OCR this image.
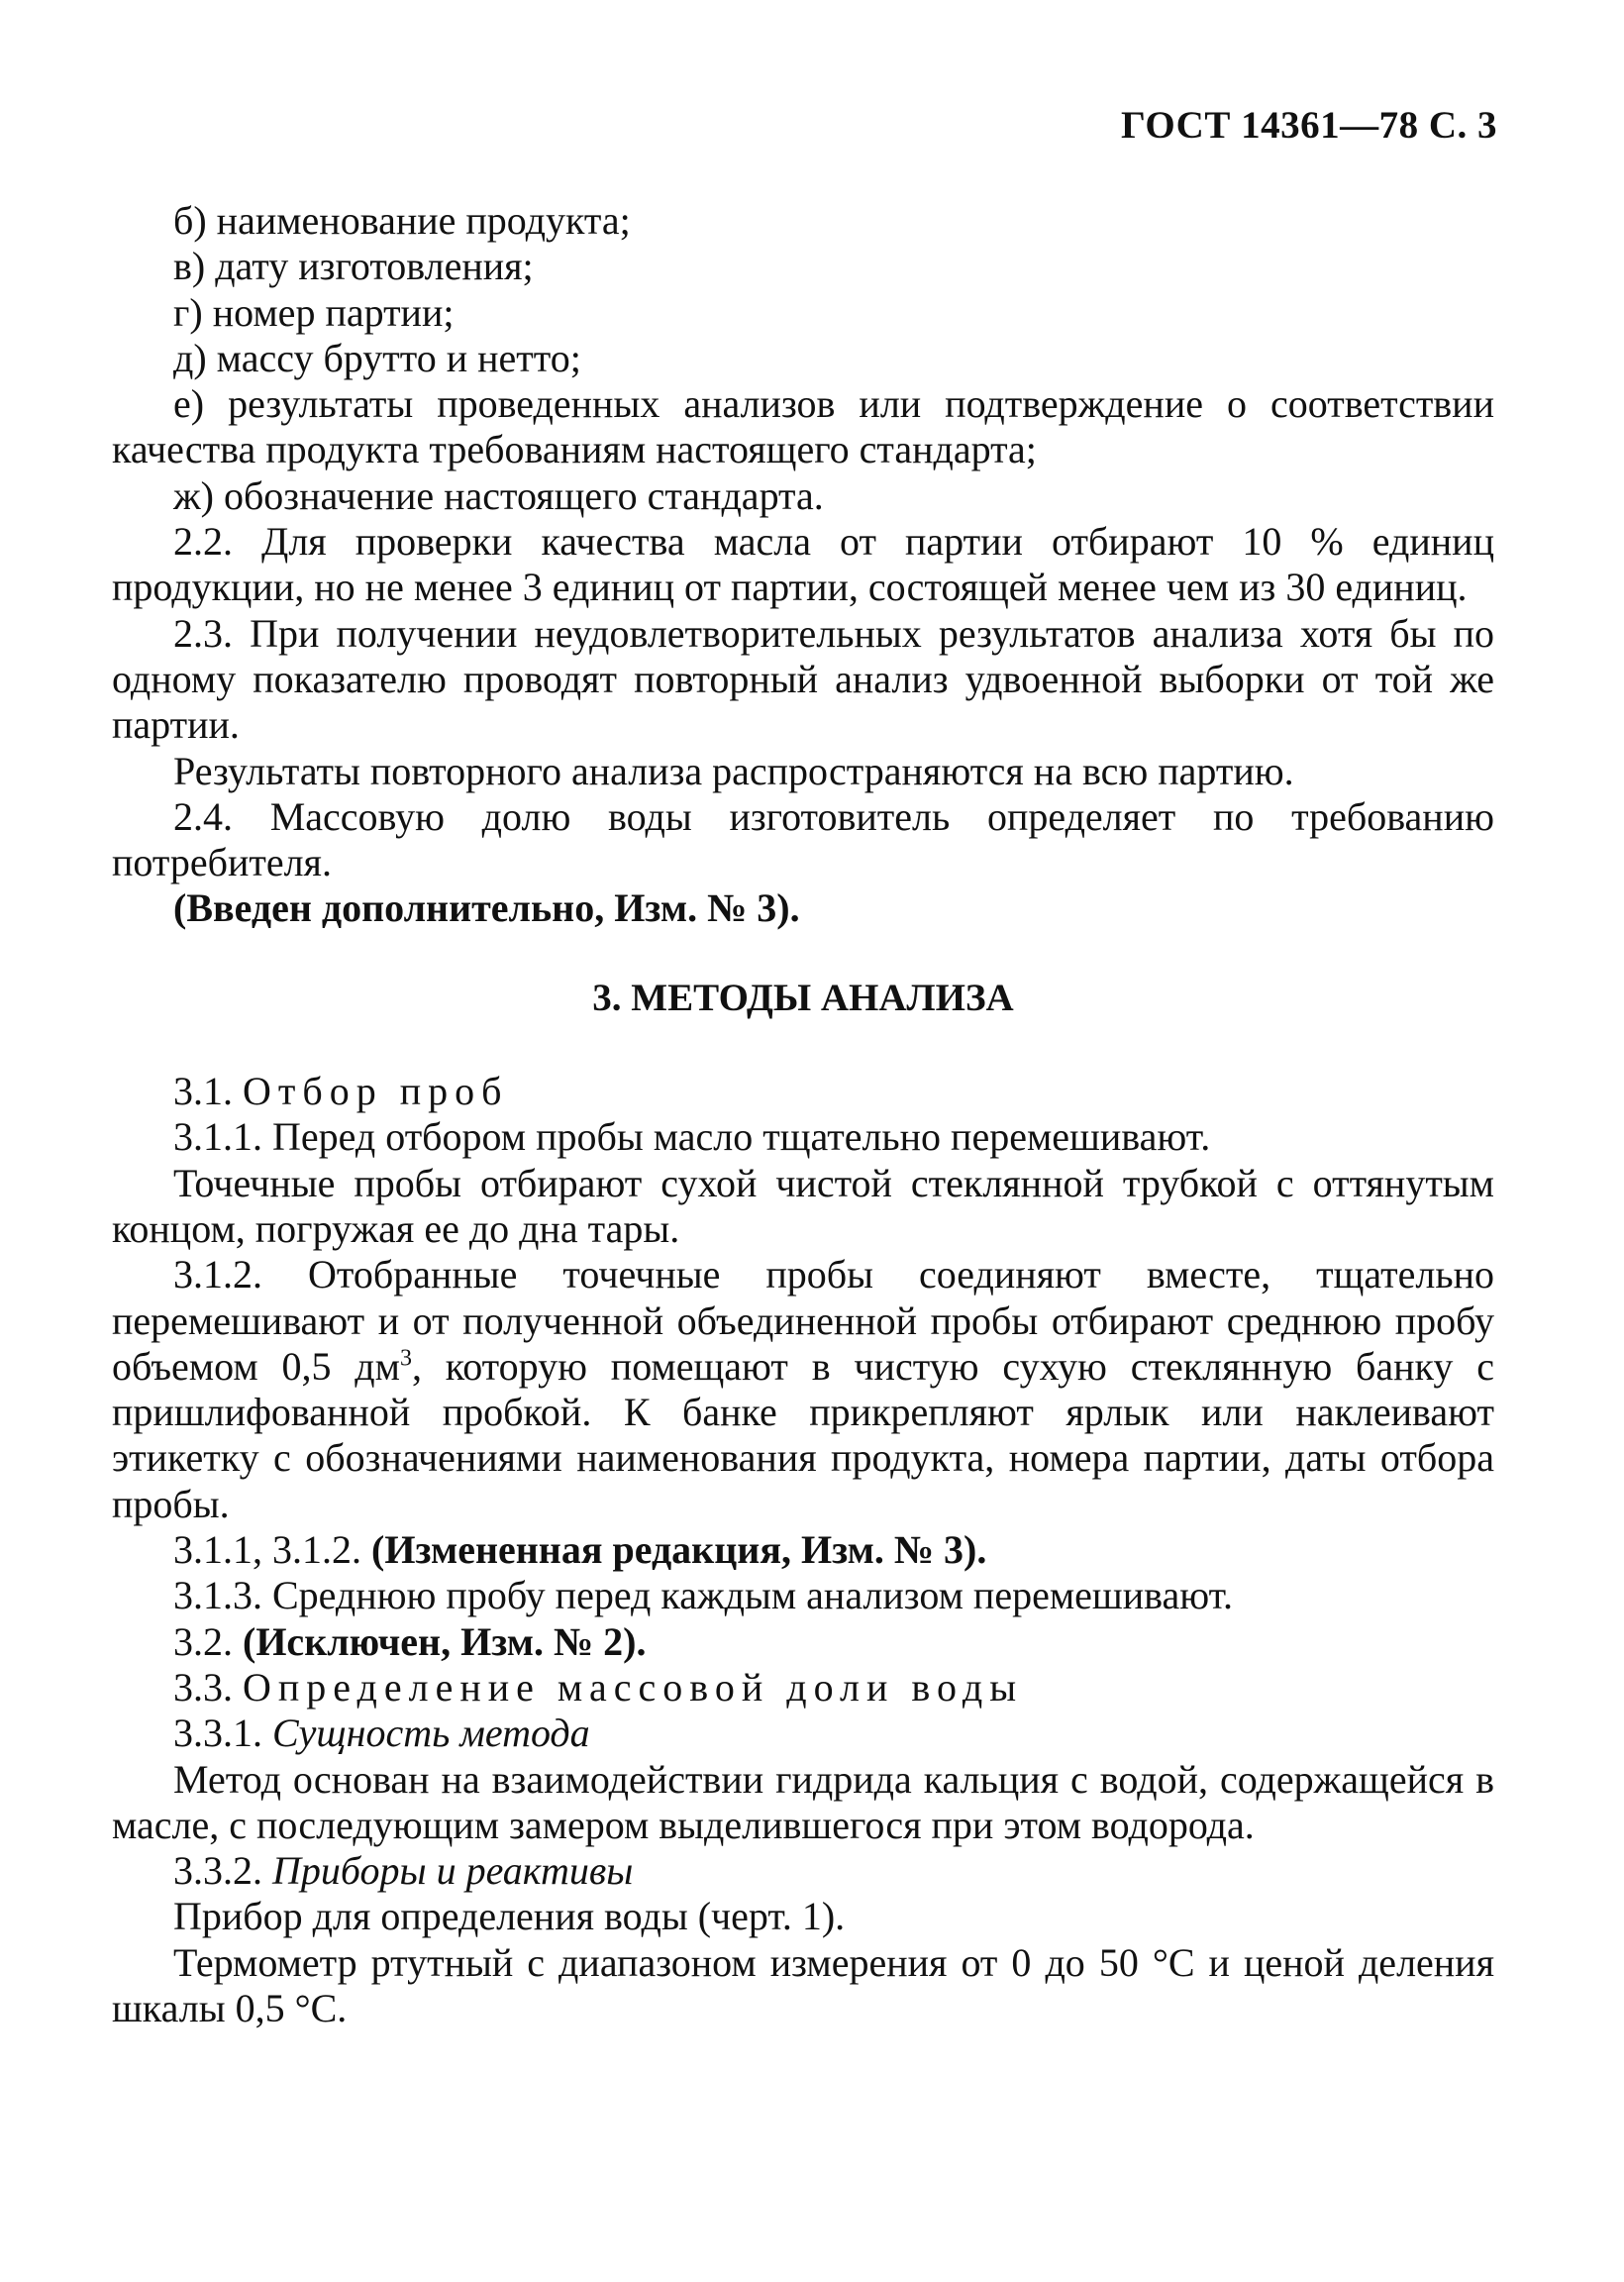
ГОСТ 14361—78 С. 3

б) наименование продукта;

в) дату изготовления;

г) номер партии;

д) массу брутто и нетто;

е) результаты проведенных анализов или подтверждение о соответствии качества продукта требованиям настоящего стандарта;

ж) обозначение настоящего стандарта.

2.2. Для проверки качества масла от партии отбирают 10 % единиц продукции, но не менее 3 единиц от партии, состоящей менее чем из 30 единиц.

2.3. При получении неудовлетворительных результатов анализа хотя бы по одному показателю проводят повторный анализ удвоенной выборки от той же партии.

Результаты повторного анализа распространяются на всю партию.

2.4. Массовую долю воды изготовитель определяет по требованию потребителя.

(Введен дополнительно, Изм. № 3).

3. МЕТОДЫ АНАЛИЗА

3.1. Отбор проб

3.1.1. Перед отбором пробы масло тщательно перемешивают.

Точечные пробы отбирают сухой чистой стеклянной трубкой с оттянутым концом, погружая ее до дна тары.

3.1.2. Отобранные точечные пробы соединяют вместе, тщательно перемешивают и от полученной объединенной пробы отбирают среднюю пробу объемом 0,5 $дм^3$, которую помещают в чистую сухую стеклянную банку с пришлифованной пробкой. К банке прикрепляют ярлык или наклеивают этикетку с обозначениями наименования продукта, номера партии, даты отбора пробы.

3.1.1, 3.1.2. (Измененная редакция, Изм. № 3).

3.1.3. Среднюю пробу перед каждым анализом перемешивают.

3.2. (Исключен, Изм. № 2).

3.3. Определение массовой доли воды

3.3.1. Сущность метода

Метод основан на взаимодействии гидрида кальция с водой, содержащейся в масле, с последующим замером выделившегося при этом водорода.

3.3.2. Приборы и реактивы

Прибор для определения воды (черт. 1).

Термометр ртутный с диапазоном измерения от 0 до 50 °С и ценой деления шкалы 0,5 °С.
